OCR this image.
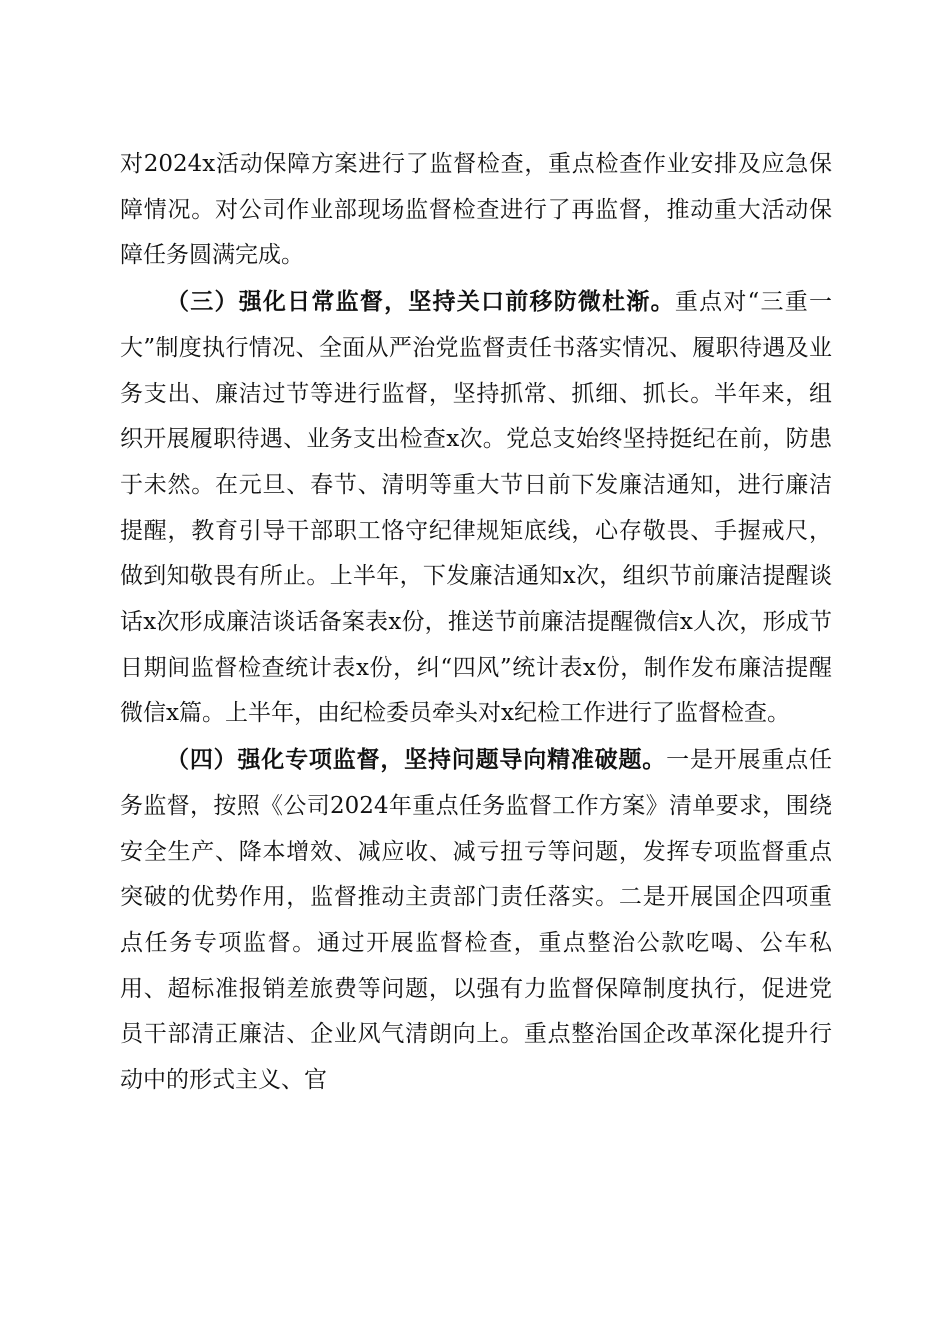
对2024x活动保障方案进行了监督检查，重点检查作业安排及应急保障情况。对公司作业部现场监督检查进行了再监督，推动重大活动保障任务圆满完成。

（三）强化日常监督，坚持关口前移防微杜渐。重点对“三重一大”制度执行情况、全面从严治党监督责任书落实情况、履职待遇及业务支出、廉洁过节等进行监督，坚持抓常、抓细、抓长。半年来，组织开展履职待遇、业务支出检查x次。党总支始终坚持挺纪在前，防患于未然。在元旦、春节、清明等重大节日前下发廉洁通知，进行廉洁提醒，教育引导干部职工恪守纪律规矩底线，心存敬畏、手握戒尺，做到知敬畏有所止。上半年，下发廉洁通知x次，组织节前廉洁提醒谈话x次形成廉洁谈话备案表x份，推送节前廉洁提醒微信x人次，形成节日期间监督检查统计表x份，纠“四风”统计表x份，制作发布廉洁提醒微信x篇。上半年，由纪检委员牵头对x纪检工作进行了监督检查。

（四）强化专项监督，坚持问题导向精准破题。一是开展重点任务监督，按照《公司2024年重点任务监督工作方案》清单要求，围绕安全生产、降本增效、减应收、减亏扭亏等问题，发挥专项监督重点突破的优势作用，监督推动主责部门责任落实。二是开展国企四项重点任务专项监督。通过开展监督检查，重点整治公款吃喝、公车私用、超标准报销差旅费等问题，以强有力监督保障制度执行，促进党员干部清正廉洁、企业风气清朗向上。重点整治国企改革深化提升行动中的形式主义、官
